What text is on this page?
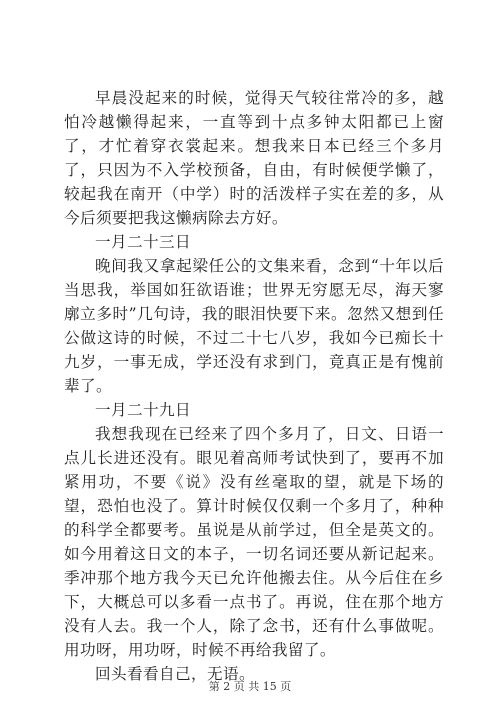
早晨没起来的时候，觉得天气较往常冷的多，越怕冷越懒得起来，一直等到十点多钟太阳都已上窗了，才忙着穿衣裳起来。想我来日本已经三个多月了，只因为不入学校预备，自由，有时候便学懒了，较起我在南开（中学）时的活泼样子实在差的多，从今后须要把我这懒病除去方好。

一月二十三日

晚间我又拿起梁任公的文集来看，念到“十年以后当思我，举国如狂欲语谁；世界无穷愿无尽，海天寥廓立多时”几句诗，我的眼泪快要下来。忽然又想到任公做这诗的时候，不过二十七八岁，我如今已痴长十九岁，一事无成，学还没有求到门，竟真正是有愧前辈了。

一月二十九日

我想我现在已经来了四个多月了，日文、日语一点儿长进还没有。眼见着高师考试快到了，要再不加紧用功，不要《说》没有丝毫取的望，就是下场的望，恐怕也没了。算计时候仅仅剩一个多月了，种种的科学全都要考。虽说是从前学过，但全是英文的。如今用着这日文的本子，一切名词还要从新记起来。季冲那个地方我今天已允许他搬去住。从今后住在乡下，大概总可以多看一点书了。再说，住在那个地方没有人去。我一个人，除了念书，还有什么事做呢。用功呀，用功呀，时候不再给我留了。

回头看看自己，无语。

第 2 页 共 15 页
